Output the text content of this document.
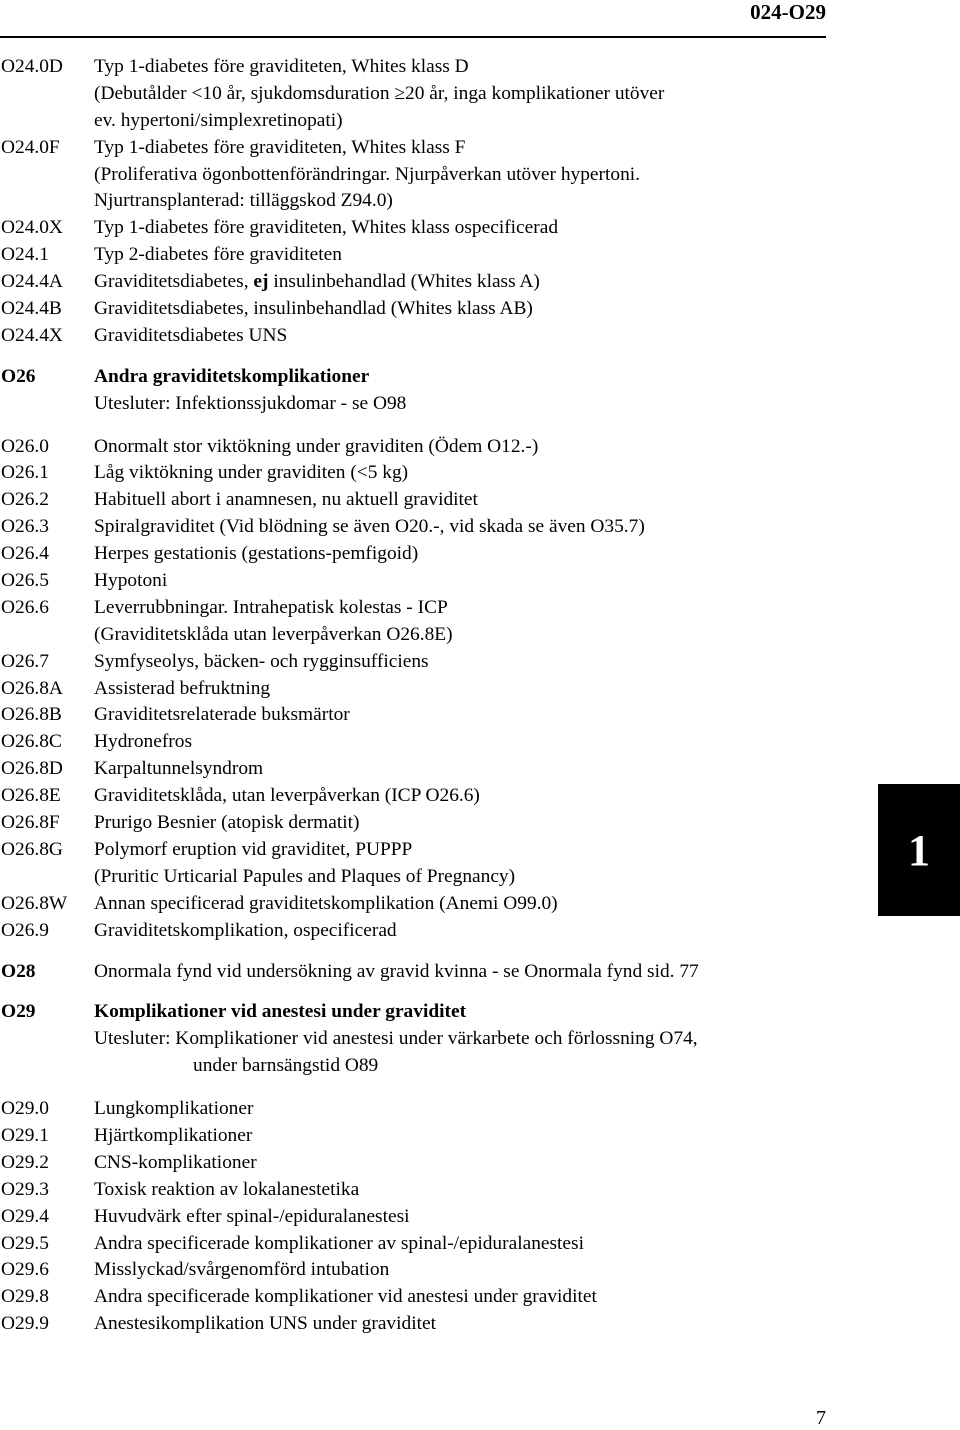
024-O29
O24.0D Typ 1-diabetes före graviditeten, Whites klass D
(Debutålder <10 år, sjukdomsduration ≥20 år, inga komplikationer utöver
ev. hypertoni/simplexretinopati)
O24.0F Typ 1-diabetes före graviditeten, Whites klass F
(Proliferativa ögonbottenförändringar. Njurpåverkan utöver hypertoni.
Njurtransplanterad: tilläggskod Z94.0)
O24.0X Typ 1-diabetes före graviditeten, Whites klass ospecificerad
O24.1 Typ 2-diabetes före graviditeten
O24.4A Graviditetsdiabetes, ej insulinbehandlad (Whites klass A)
O24.4B Graviditetsdiabetes, insulinbehandlad (Whites klass AB)
O24.4X Graviditetsdiabetes UNS
O26	Andra graviditetskomplikationer
Utesluter: Infektionssjukdomar - se O98
O26.0 Onormalt stor viktökning under graviditen (Ödem O12.-)
O26.1 Låg viktökning under graviditen (<5 kg)
O26.2 Habituell abort i anamnesen, nu aktuell graviditet
O26.3 Spiralgraviditet (Vid blödning se även O20.-, vid skada se även O35.7)
O26.4 Herpes gestationis (gestations-pemfigoid)
O26.5 Hypotoni
O26.6 Leverrubbningar. Intrahepatisk kolestas - ICP
(Graviditetsklåda utan leverpåverkan O26.8E)
O26.7 Symfyseolys, bäcken- och rygginsufficiens
O26.8A Assisterad befruktning
O26.8B Graviditetsrelaterade buksmärtor
O26.8C Hydronefros
O26.8D Karpaltunnelsyndrom
O26.8E Graviditetsklåda, utan leverpåverkan (ICP O26.6)
O26.8F Prurigo Besnier (atopisk dermatit)
O26.8G Polymorf eruption vid graviditet, PUPPP
(Pruritic Urticarial Papules and Plaques of Pregnancy)
O26.8W Annan specificerad graviditetskomplikation (Anemi O99.0)
O26.9 Graviditetskomplikation, ospecificerad
O28	Onormala fynd vid undersökning av gravid kvinna - se Onormala fynd sid. 77
O29	Komplikationer vid anestesi under graviditet
Utesluter: Komplikationer vid anestesi under värkarbete och förlossning O74,
under barnsängstid O89
O29.0 Lungkomplikationer
O29.1 Hjärtkomplikationer
O29.2 CNS-komplikationer
O29.3 Toxisk reaktion av lokalanestetika
O29.4 Huvudvärk efter spinal-/epiduralanestesi
O29.5 Andra specificerade komplikationer av spinal-/epiduralanestesi
O29.6 Misslyckad/svårgenomförd intubation
O29.8 Andra specificerade komplikationer vid anestesi under graviditet
O29.9 Anestesikomplikation UNS under graviditet
1
7
